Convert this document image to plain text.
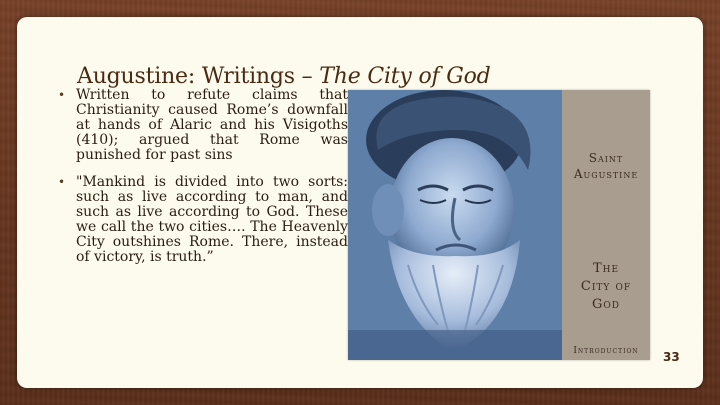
Augustine: Writings – The City of God
• Written to refute claims that Christianity caused Rome’s downfall at hands of Alaric and his Visigoths (410); argued that Rome was punished for past sins
• "Mankind is divided into two sorts: such as live according to man, and such as live according to God. These we call the two cities…. The Heavenly City outshines Rome. There, instead of victory, is truth.”
Saint
Augustine
The
City of
God
Introduction	33
